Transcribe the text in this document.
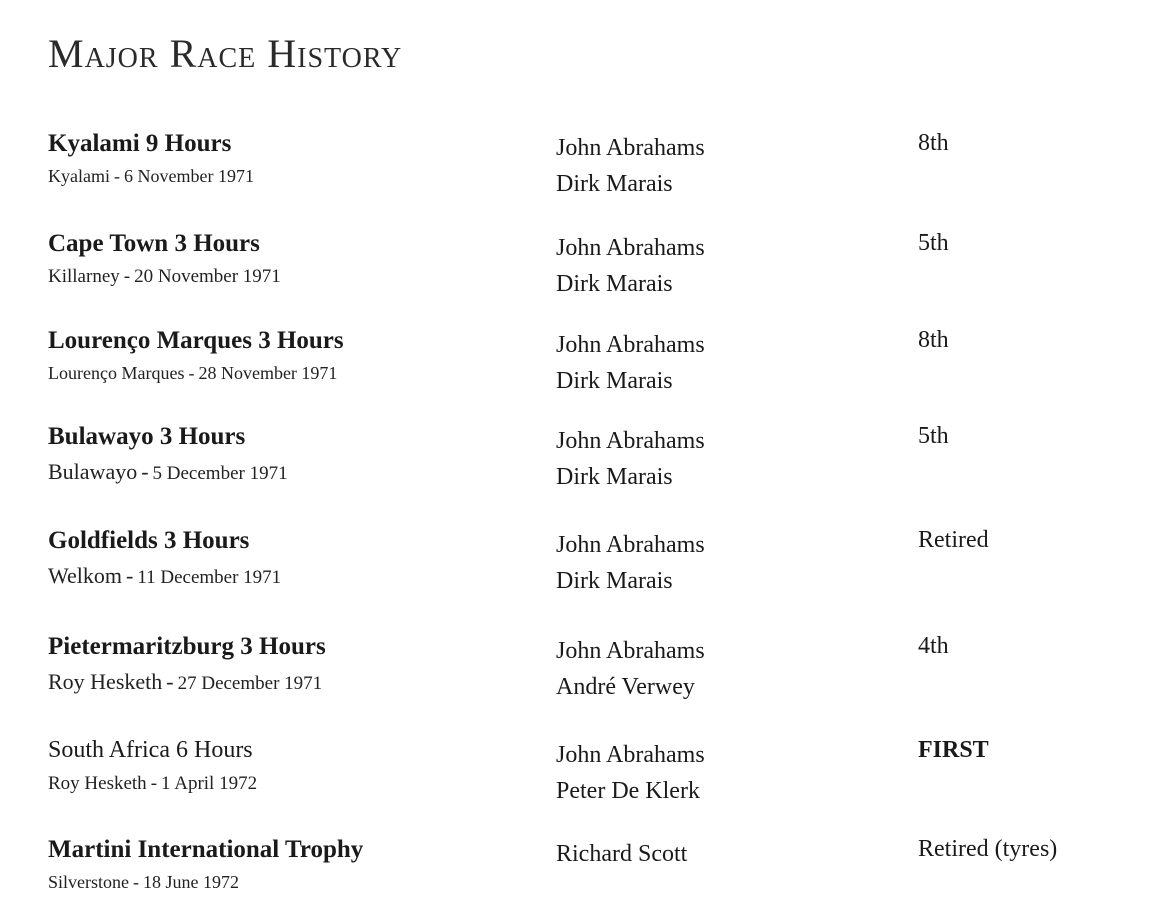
Major Race History
Kyalami 9 Hours
Kyalami - 6 November 1971
John Abrahams
Dirk Marais
8th
Cape Town 3 Hours
Killarney - 20 November 1971
John Abrahams
Dirk Marais
5th
Lourenço Marques 3 Hours
Lourenço Marques - 28 November 1971
John Abrahams
Dirk Marais
8th
Bulawayo 3 Hours
Bulawayo - 5 December 1971
John Abrahams
Dirk Marais
5th
Goldfields 3 Hours
Welkom - 11 December 1971
John Abrahams
Dirk Marais
Retired
Pietermaritzburg 3 Hours
Roy Hesketh - 27 December 1971
John Abrahams
André Verwey
4th
South Africa 6 Hours
Roy Hesketh - 1 April 1972
John Abrahams
Peter De Klerk
FIRST
Martini International Trophy
Silverstone - 18 June 1972
Richard Scott	Retired (tyres)
